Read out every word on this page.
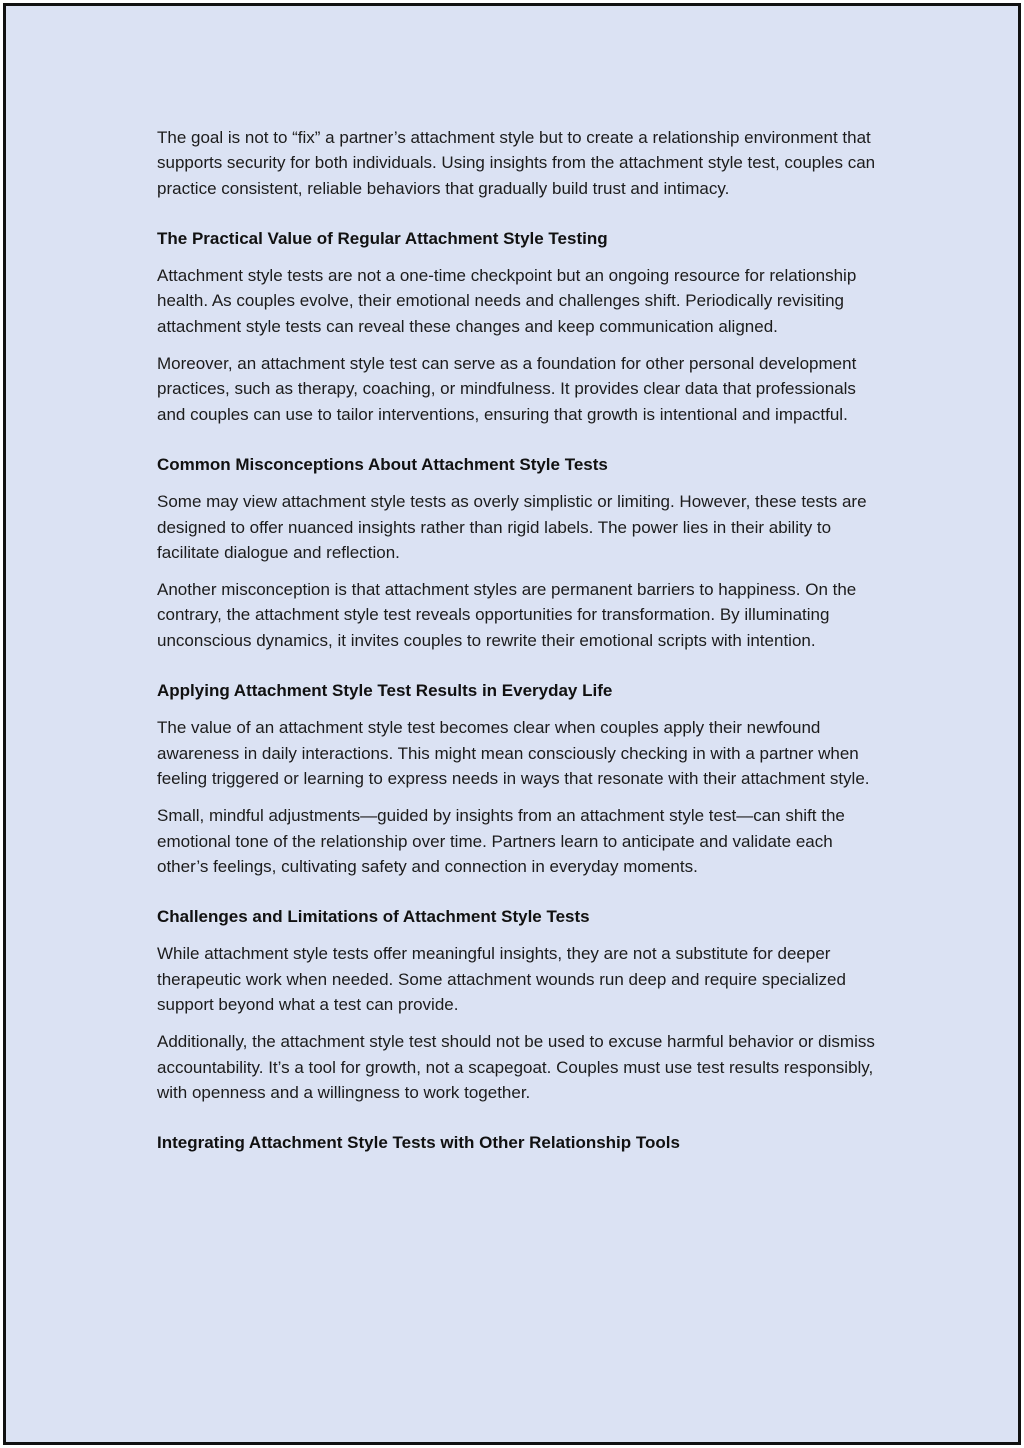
The goal is not to “fix” a partner’s attachment style but to create a relationship environment that supports security for both individuals. Using insights from the attachment style test, couples can practice consistent, reliable behaviors that gradually build trust and intimacy.

The Practical Value of Regular Attachment Style Testing

Attachment style tests are not a one-time checkpoint but an ongoing resource for relationship health. As couples evolve, their emotional needs and challenges shift. Periodically revisiting attachment style tests can reveal these changes and keep communication aligned.

Moreover, an attachment style test can serve as a foundation for other personal development practices, such as therapy, coaching, or mindfulness. It provides clear data that professionals and couples can use to tailor interventions, ensuring that growth is intentional and impactful.

Common Misconceptions About Attachment Style Tests

Some may view attachment style tests as overly simplistic or limiting. However, these tests are designed to offer nuanced insights rather than rigid labels. The power lies in their ability to facilitate dialogue and reflection.

Another misconception is that attachment styles are permanent barriers to happiness. On the contrary, the attachment style test reveals opportunities for transformation. By illuminating unconscious dynamics, it invites couples to rewrite their emotional scripts with intention.

Applying Attachment Style Test Results in Everyday Life

The value of an attachment style test becomes clear when couples apply their newfound awareness in daily interactions. This might mean consciously checking in with a partner when feeling triggered or learning to express needs in ways that resonate with their attachment style.

Small, mindful adjustments—guided by insights from an attachment style test—can shift the emotional tone of the relationship over time. Partners learn to anticipate and validate each other’s feelings, cultivating safety and connection in everyday moments.

Challenges and Limitations of Attachment Style Tests

While attachment style tests offer meaningful insights, they are not a substitute for deeper therapeutic work when needed. Some attachment wounds run deep and require specialized support beyond what a test can provide.

Additionally, the attachment style test should not be used to excuse harmful behavior or dismiss accountability. It’s a tool for growth, not a scapegoat. Couples must use test results responsibly, with openness and a willingness to work together.

Integrating Attachment Style Tests with Other Relationship Tools
